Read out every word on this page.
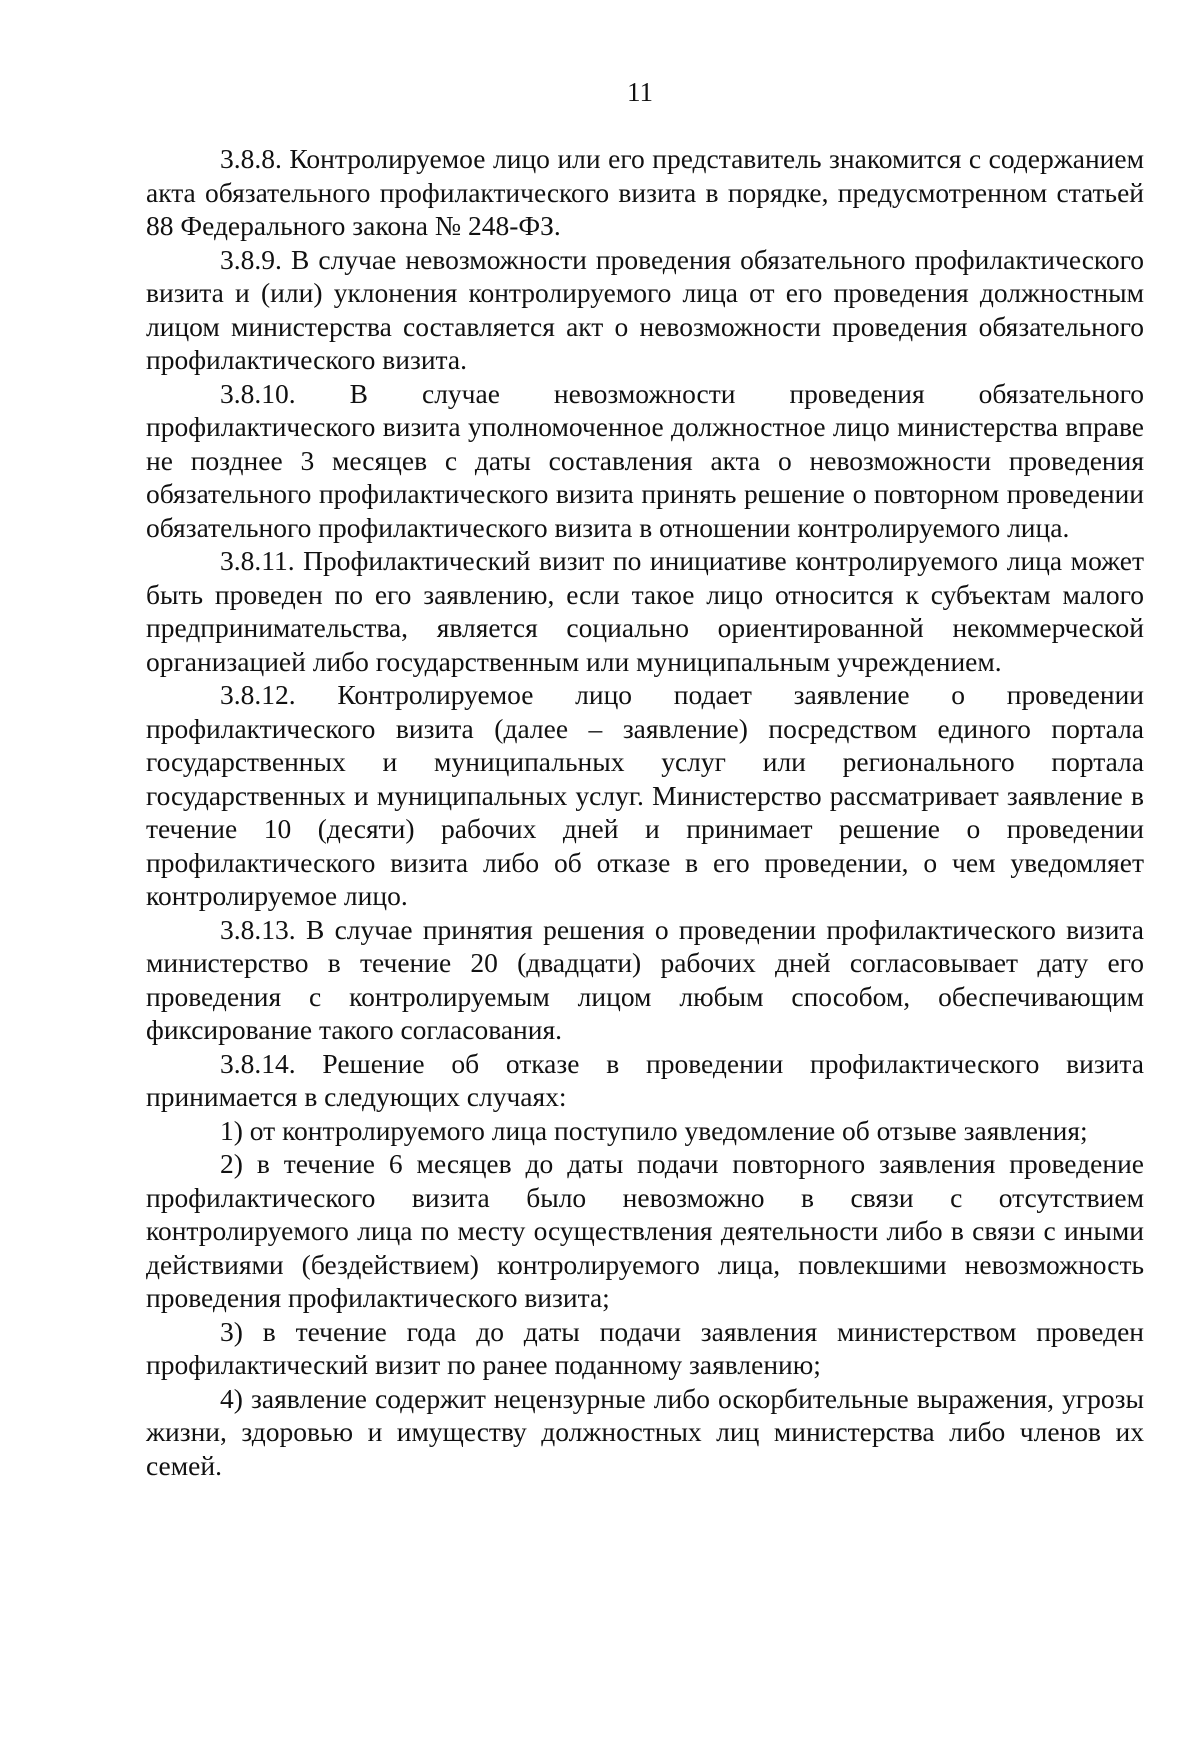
11

3.8.8. Контролируемое лицо или его представитель знакомится с содержанием акта обязательного профилактического визита в порядке, предусмотренном статьей 88 Федерального закона № 248-ФЗ.

3.8.9. В случае невозможности проведения обязательного профилактического визита и (или) уклонения контролируемого лица от его проведения должностным лицом министерства составляется акт о невозможности проведения обязательного профилактического визита.

3.8.10. В случае невозможности проведения обязательного профилактического визита уполномоченное должностное лицо министерства вправе не позднее 3 месяцев с даты составления акта о невозможности проведения обязательного профилактического визита принять решение о повторном проведении обязательного профилактического визита в отношении контролируемого лица.

3.8.11. Профилактический визит по инициативе контролируемого лица может быть проведен по его заявлению, если такое лицо относится к субъектам малого предпринимательства, является социально ориентированной некоммерческой организацией либо государственным или муниципальным учреждением.

3.8.12. Контролируемое лицо подает заявление о проведении профилактического визита (далее – заявление) посредством единого портала государственных и муниципальных услуг или регионального портала государственных и муниципальных услуг. Министерство рассматривает заявление в течение 10 (десяти) рабочих дней и принимает решение о проведении профилактического визита либо об отказе в его проведении, о чем уведомляет контролируемое лицо.

3.8.13. В случае принятия решения о проведении профилактического визита министерство в течение 20 (двадцати) рабочих дней согласовывает дату его проведения с контролируемым лицом любым способом, обеспечивающим фиксирование такого согласования.

3.8.14. Решение об отказе в проведении профилактического визита принимается в следующих случаях:

1) от контролируемого лица поступило уведомление об отзыве заявления;

2) в течение 6 месяцев до даты подачи повторного заявления проведение профилактического визита было невозможно в связи с отсутствием контролируемого лица по месту осуществления деятельности либо в связи с иными действиями (бездействием) контролируемого лица, повлекшими невозможность проведения профилактического визита;

3) в течение года до даты подачи заявления министерством проведен профилактический визит по ранее поданному заявлению;

4) заявление содержит нецензурные либо оскорбительные выражения, угрозы жизни, здоровью и имуществу должностных лиц министерства либо членов их семей.
